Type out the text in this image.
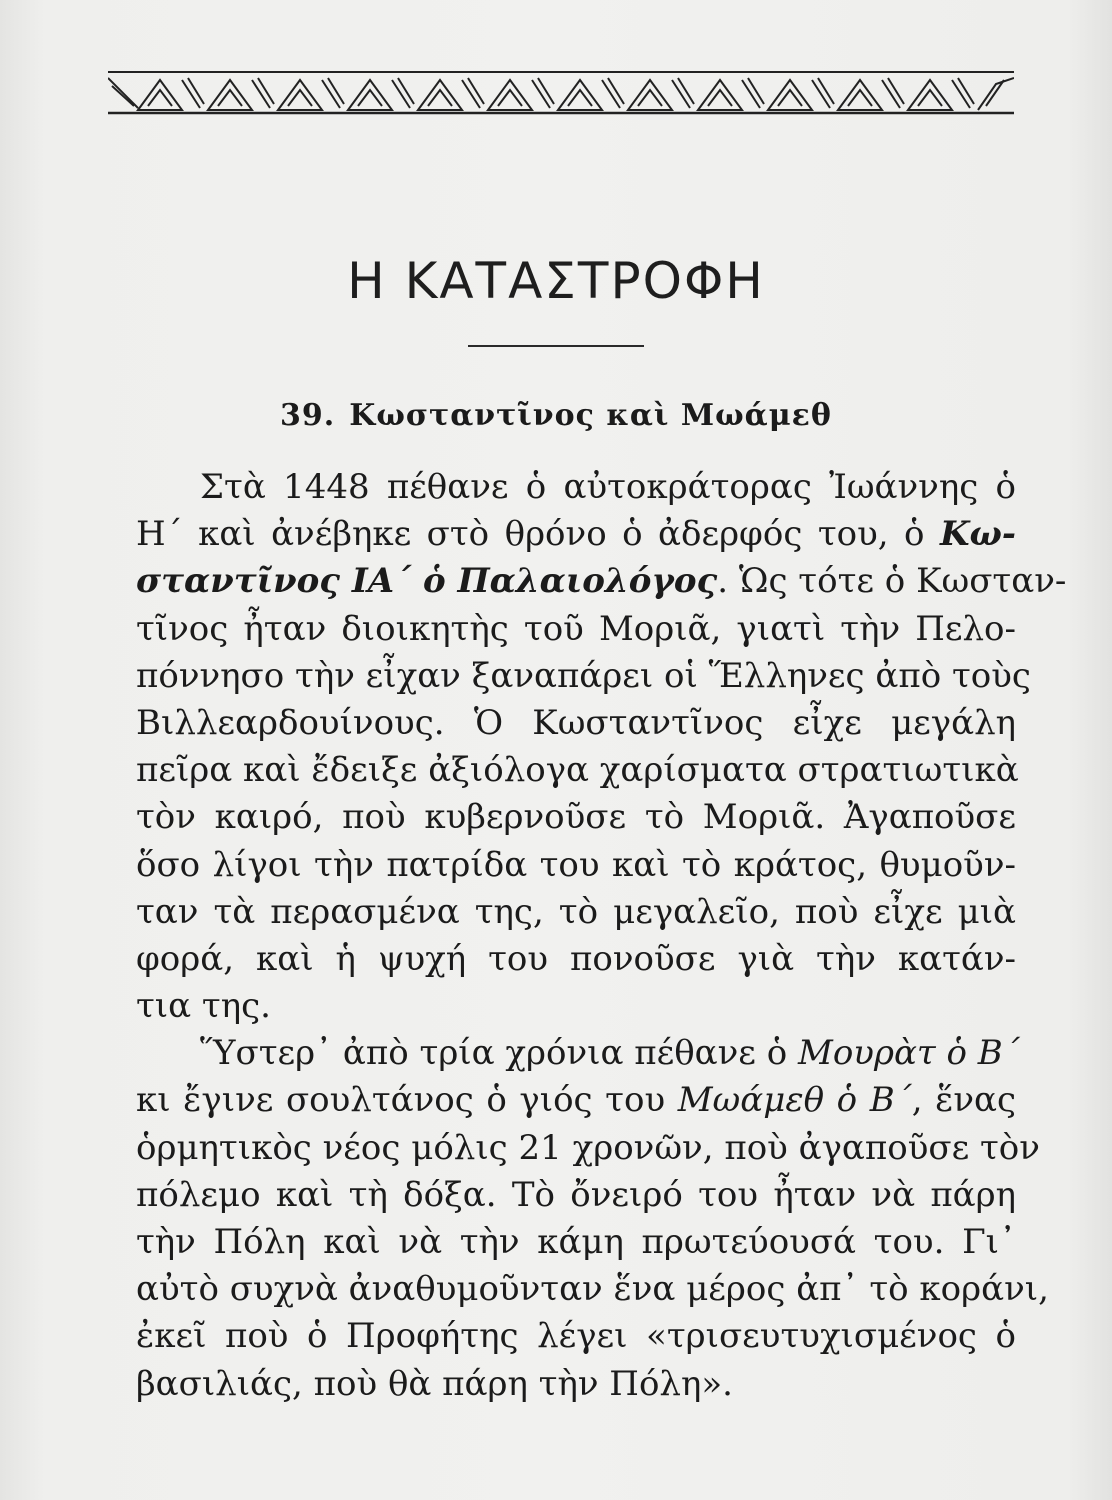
Η ΚΑΤΑΣΤΡΟΦΗ
39. Κωσταντῖνος καὶ Μωάμεθ
Στὰ 1448 πέθανε ὁ αὐτοκράτορας Ἰωάννης ὁ
Η΄ καὶ ἀνέβηκε στὸ θρόνο ὁ ἀδερφός του, ὁ Κω-
σταντῖνος ΙΑ΄ ὁ Παλαιολόγος. Ὡς τότε ὁ Κωσταν-
τῖνος ἦταν διοικητὴς τοῦ Μοριᾶ, γιατὶ τὴν Πελο-
πόννησο τὴν εἶχαν ξαναπάρει οἱ Ἕλληνες ἀπὸ τοὺς
Βιλλεαρδουίνους. Ὁ Κωσταντῖνος εἶχε μεγάλη
πεῖρα καὶ ἔδειξε ἀξιόλογα χαρίσματα στρατιωτικὰ
τὸν καιρό, ποὺ κυβερνοῦσε τὸ Μοριᾶ. Ἀγαποῦσε
ὅσο λίγοι τὴν πατρίδα του καὶ τὸ κράτος, θυμοῦν-
ταν τὰ περασμένα της, τὸ μεγαλεῖο, ποὺ εἶχε μιὰ
φορά, καὶ ἡ ψυχή του πονοῦσε γιὰ τὴν κατάν-
τια της.
Ὕστερ᾽ ἀπὸ τρία χρόνια πέθανε ὁ Μουρὰτ ὁ Β΄
κι ἔγινε σουλτάνος ὁ γιός του Μωάμεθ ὁ Β΄, ἕνας
ὁρμητικὸς νέος μόλις 21 χρονῶν, ποὺ ἀγαποῦσε τὸν
πόλεμο καὶ τὴ δόξα. Τὸ ὄνειρό του ἦταν νὰ πάρη
τὴν Πόλη καὶ νὰ τὴν κάμη πρωτεύουσά του. Γι᾽
αὐτὸ συχνὰ ἀναθυμοῦνταν ἕνα μέρος ἀπ᾽ τὸ κοράνι,
ἐκεῖ ποὺ ὁ Προφήτης λέγει «τρισευτυχισμένος ὁ
βασιλιάς, ποὺ θὰ πάρη τὴν Πόλη».
